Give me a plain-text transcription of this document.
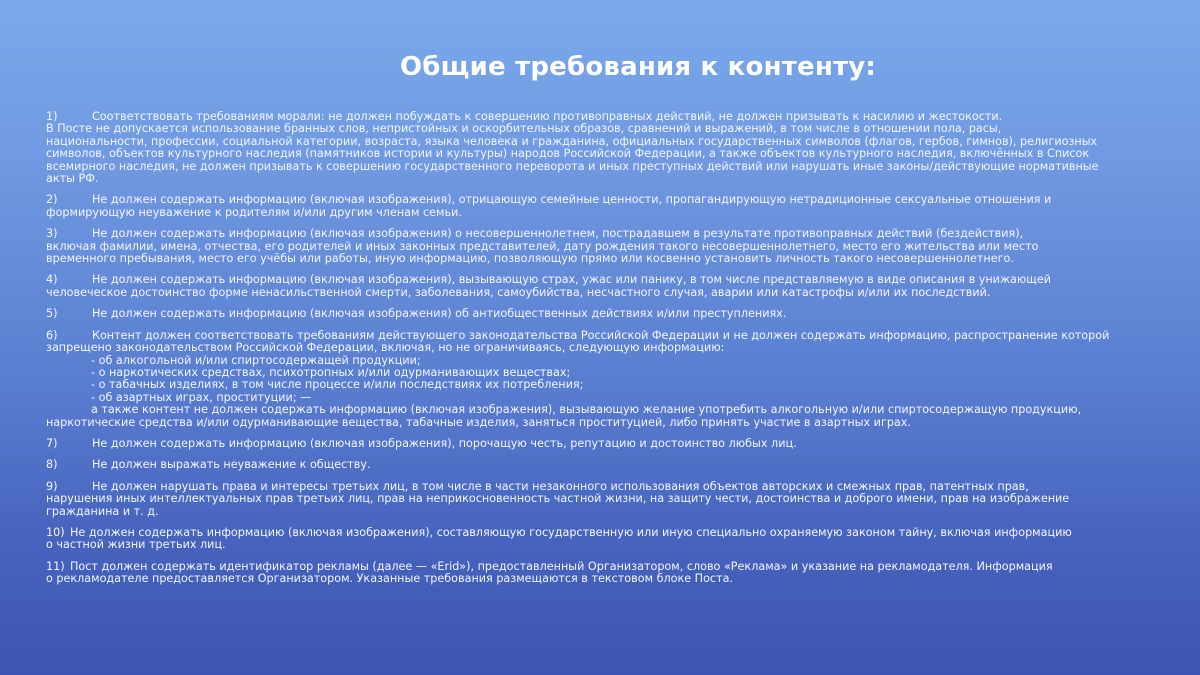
Общие требования к контенту:
1)	Соответствовать требованиям морали: не должен побуждать к совершению противоправных действий, не должен призывать к насилию и жестокости.
В Посте не допускается использование бранных слов, непристойных и оскорбительных образов, сравнений и выражений, в том числе в отношении пола, расы,
национальности, профессии, социальной категории, возраста, языка человека и гражданина, официальных государственных символов (флагов, гербов, гимнов), религиозных
символов, объектов культурного наследия (памятников истории и культуры) народов Российской Федерации, а также объектов культурного наследия, включённых в Список
всемирного наследия, не должен призывать к совершению государственного переворота и иных преступных действий или нарушать иные законы/действующие нормативные
акты РФ.
2)	Не должен содержать информацию (включая изображения), отрицающую семейные ценности, пропагандирующую нетрадиционные сексуальные отношения и
формирующую неуважение к родителям и/или другим членам семьи.
3)	Не должен содержать информацию (включая изображения) о несовершеннолетнем, пострадавшем в результате противоправных действий (бездействия),
включая фамилии, имена, отчества, его родителей и иных законных представителей, дату рождения такого несовершеннолетнего, место его жительства или место
временного пребывания, место его учёбы или работы, иную информацию, позволяющую прямо или косвенно установить личность такого несовершеннолетнего.
4)	Не должен содержать информацию (включая изображения), вызывающую страх, ужас или панику, в том числе представляемую в виде описания в унижающей
человеческое достоинство форме ненасильственной смерти, заболевания, самоубийства, несчастного случая, аварии или катастрофы и/или их последствий.
5)	Не должен содержать информацию (включая изображения) об антиобщественных действиях и/или преступлениях.
6)	Контент должен соответствовать требованиям действующего законодательства Российской Федерации и не должен содержать информацию, распространение которой
запрещено законодательством Российской Федерации, включая, но не ограничиваясь, следующую информацию:
- об алкогольной и/или спиртосодержащей продукции;
- о наркотических средствах, психотропных и/или одурманивающих веществах;
- о табачных изделиях, в том числе процессе и/или последствиях их потребления;
- об азартных играх, проституции; —
а также контент не должен содержать информацию (включая изображения), вызывающую желание употребить алкогольную и/или спиртосодержащую продукцию,
наркотические средства и/или одурманивающие вещества, табачные изделия, заняться проституцией, либо принять участие в азартных играх.
7)	Не должен содержать информацию (включая изображения), порочащую честь, репутацию и достоинство любых лиц.
8)	Не должен выражать неуважение к обществу.
9)	Не должен нарушать права и интересы третьих лиц, в том числе в части незаконного использования объектов авторских и смежных прав, патентных прав,
нарушения иных интеллектуальных прав третьих лиц, прав на неприкосновенность частной жизни, на защиту чести, достоинства и доброго имени, прав на изображение
гражданина и т. д.
10) Не должен содержать информацию (включая изображения), составляющую государственную или иную специально охраняемую законом тайну, включая информацию
о частной жизни третьих лиц.
11) Пост должен содержать идентификатор рекламы (далее — «Erid»), предоставленный Организатором, слово «Реклама» и указание на рекламодателя. Информация
о рекламодателе предоставляется Организатором. Указанные требования размещаются в текстовом блоке Поста.
